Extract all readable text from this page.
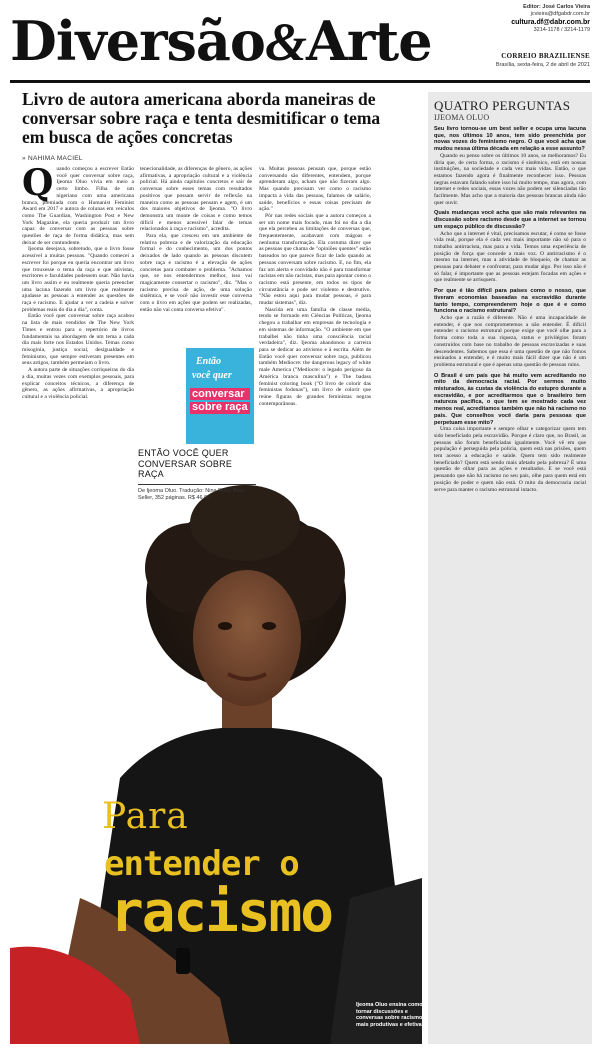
Diversão&Arte
Editor: José Carlos Vieira
jcvieira@dfgabdr.com.br
cultura.df@dabr.com.br
3214-1178 / 3214-1179
CORREIO BRAZILIENSE
Brasília, sexta-feira, 2 de abril de 2021
Livro de autora americana aborda maneiras de conversar sobre raça e tenta desmitificar o tema em busca de ações concretas
» NAHIMA MACIEL
Q uando começou a escrever Então você quer conversar sobre raça, Ijeoma Oluo vivia em meio a certo limbo. Filha de um nigeriano com uma americana branca, premiada com o Humanist Feminist Award em 2017 e autora de colunas em veículos como The Guardian, Washington Post e New York Magazine, ela queria produzir um livro capaz de conversar com as pessoas sobre questões de raça de forma didática, mas sem deixar de ser contundente.

Ijeoma desejava, sobretudo, que o livro fosse acessível a muitas pessoas. "Quando comecei a escrever foi porque eu queria encontrar um livro que trouxesse o tema da raça e que ativistas, escritores e faculdades pudessem usar. Não havia um livro assim e eu realmente queria preencher uma lacuna fazendo um livro que realmente ajudasse as pessoas a entender as questões de raça e racismo. E ajudar a ver a cadeia e solver problemas reais do dia a dia", conta.

Então você quer conversar sobre raça acabou na lista de mais vendidos de The New York Times e entrou para o repertório de livros fundamentais na abordagem de um tema a cada dia mais forte nos Estados Unidos. Temas como misoginia, justiça social, desigualdade e feminismo, que sempre estiveram presentes em seus artigos, também permeiam o livro.

A autora parte de situações corriqueiras do dia a dia, muitas vezes com exemplos pessoais, para explicar conceitos técnicos, a diferença de gênero, as ações afirmativas, a apropriação cultural e a violência policial.

tenecionalidade, as diferenças de gênero, as ações afirmativas, a apropriação cultural e a violência policial. Há ainda capítulos concretos e sair de conversas sobre esses temas com resultados positivos que possam servir de reflexão na maneira como as pessoas pensam e agem, é um dos maiores objetivos de Ijeoma. "O livro demonstra um monte de coisas e como temos difícil e menos acessível falar de temas relacionados à raça e racismo", acredita.

Para ela, que cresceu em um ambiente de relativa pobreza e de valorização da educação formal e do conhecimento, um dos pontos deixados de lado quando as pessoas discutem sobre raça e racismo é a elevação de ações concretas para combater o problema. "Achamos que, se nos entendermos melhor, isso vai magicamente consertar o racismo", diz. "Mas o racismo precisa de ação, de uma solução sistêmica, e se você não investir esse conversa com o livro em ações que podem ser realizadas, então não vai conta conversa efetiva".

va. Muitas pessoas pensam que, porque estão conversando são diferentes, entendem, porque aprenderam algo, acham que não fizeram algo. Mas quando precisam ver como o racismo impacta a vida das pessoas, falamos de salário, saúde, benefícios e essas coisas precisam de ação."

Pôr nas redes sociais que a autora começou a ser um nome mais focado, mas foi no dia a dia que ela percebeu as limitações de conversas que, frequentemente, acabavam com mágoas e nenhuma transformação. Ela costuma dizer que as pessoas que chama de "opiniões quentes" estão baseados no que parece ficar de lado quando as pessoas conversam sobre racismo. E, no fim, ela faz um alerta e convidado não é para transformar racistas em não racistas, mas para apontar como o racismo está presente, em todos os tipos de circunstância e pode ser violento e destrutivo. "Não estou aqui para mudar pessoas, é para mudar sistemas", diz.

Nascida em uma família de classe média, tendo se formado em Ciências Políticas, Ijeoma chegou a trabalhar em empresas de tecnologia e em sistemas de informação. "O ambiente em que trabalhei não tinha uma consciência racial verdadeira", diz. Ijeoma abandonou a carreira para se dedicar ao ativismo e à escrita. Além de Então você quer conversar sobre raça, publicou também Mediocre: the dangerous legacy of white male America ("Medíocre: o legado perigoso da América branca masculina") e The badass feminist coloring book ("O livro de colorir das feministas fodonas"), um livro de colorir que reúne figuras de grandes feministas negras contemporâneas.

Para
entender o
racismo
Ijeoma Oluo ensina como tornar discussões e conversas sobre racismo mais produtivas e efetivas
Então
você quer
conversar sobre raça
ENTÃO VOCÊ QUER CONVERSAR SOBRE RAÇA
De Ijeoma Oluo. Tradução: Nina Rizzi. Best Seller, 352 páginas. R$ 46,00
QUATRO PERGUNTAS
IJEOMA OLUO
Seu livro tornou-se um best seller e ocupa uma lacuna que, nos últimos 10 anos, tem sido preenchida por novas vozes do feminismo negro. O que você acha que mudou nessa última década em relação a esse assunto?
Quando eu penso sobre os últimos 10 anos, se melhoramos? Eu diria que, de certa forma, o racismo é sistêmico, está em nossas instituições, na sociedade e cada vez mais vidas. Então, o que estamos fazendo agora é finalmente reconhecer isso. Pessoas negras estavam falando sobre isso há muito tempo, mas agora, com internet e redes sociais, essas vozes não podem ser silenciadas tão facilmente. Mas acho que a maioria das pessoas brancas ainda não quer ouvir.
Quais mudanças você acha que são mais relevantes na discussão sobre racismo desde que a internet se tornou um espaço público de discussão?
Acho que a internet é vital, precisamos escutar, é como se fosse vida real, porque ela é cada vez mais importante não só para o trabalho antirracista, mas para a vida. Temos uma experiência de posição de força que concede a mais voz. O antirracismo é o mesmo na internet, mas a atividade de bloqueio, de chamar as pessoas para debater e confrontar, para mudar algo. Por isso não é só falar, é importante que as pessoas estejam focadas em ações e que realmente se arrisquem.
Por que é tão difícil para países como o nosso, que tiveram economias baseadas na escravidão durante tanto tempo, compreenderem hoje o que é e como funciona o racismo estrutural?
Acho que a razão é diferente. Não é uma incapacidade de entender, é que nos comprometemos a não entender. É difícil entender o racismo estrutural porque exige que você olhe para a forma como toda a sua riqueza, status e privilégios foram construídos com base no trabalho de pessoas escravizadas e suas descendentes. Sabemos que essa é uma questão de que não fomos ensinados a entender, e é muito mais fácil dizer que não é um problema estrutural e que é apenas uma questão de pessoas ruins.
O Brasil é um país que há muito vem acreditando no mito da democracia racial. Por sermos muito misturados, às custas da violência do estupro durante a escravidão, e por acreditarmos que o brasileiro tem natureza pacífica, o que tem se mostrado cada vez menos real, acreditamos também que não há racismo no país. Que conselhos você daria para pessoas que perpetuam esse mito?
Uma coisa importante e sempre olhar e categorizar quem tem sido beneficiado pela escravidão. Porque é claro que, no Brasil, as pessoas não foram beneficiadas igualmente. Você vê em que população é perseguida pela polícia, quem está nas prisões, quem tem acesso a educação e saúde. Quem tem sido realmente beneficiado? Quem está sendo mais afetado pela pobreza? É uma questão de olhar para as ações e resultados. E se você está pensando que não há racismo no seu país, olhe para quem está em posição de poder e quem não está. O mito da democracia racial serve para manter o racismo estrutural intacto.
